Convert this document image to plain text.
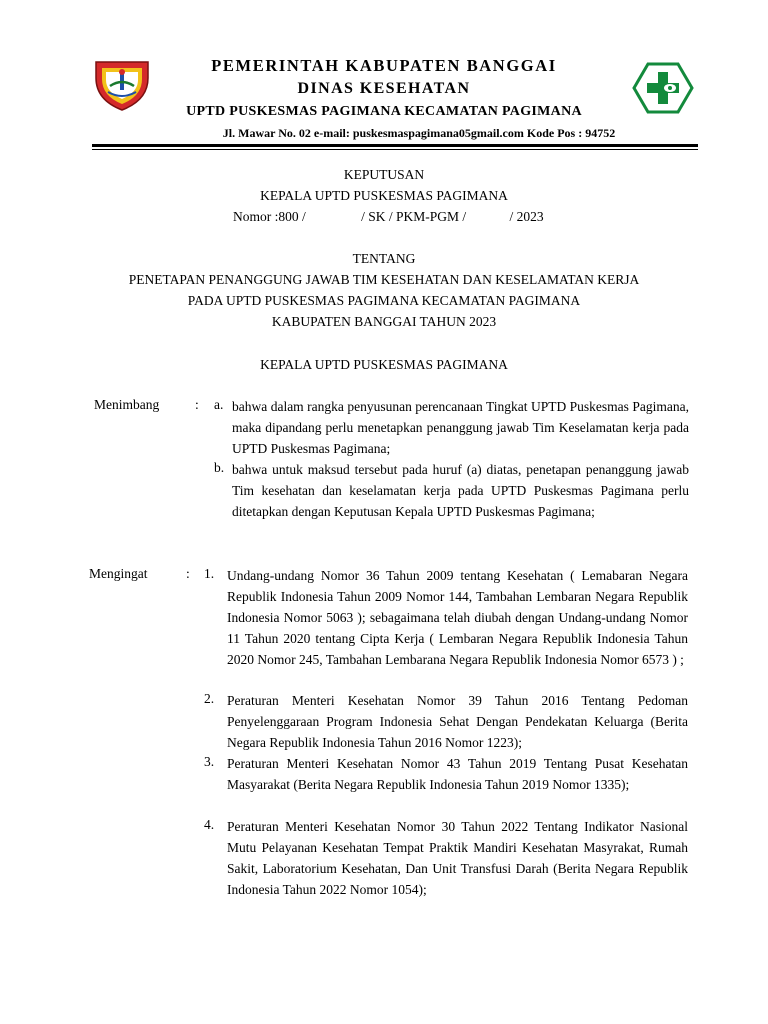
PEMERINTAH KABUPATEN BANGGAI
DINAS KESEHATAN
UPTD PUSKESMAS PAGIMANA KECAMATAN PAGIMANA
Jl. Mawar No. 02 e-mail: puskesmaspagimana05gmail.com Kode Pos : 94752
KEPUTUSAN
KEPALA UPTD PUSKESMAS PAGIMANA
Nomor :800 /	/ SK / PKM-PGM /	/ 2023
TENTANG
PENETAPAN PENANGGUNG JAWAB TIM KESEHATAN DAN KESELAMATAN KERJA
PADA UPTD PUSKESMAS PAGIMANA KECAMATAN PAGIMANA
KABUPATEN BANGGAI TAHUN 2023
KEPALA UPTD PUSKESMAS PAGIMANA
Menimbang	: a. bahwa dalam rangka penyusunan perencanaan Tingkat UPTD Puskesmas Pagimana, maka dipandang perlu menetapkan penanggung jawab Tim Keselamatan kerja pada UPTD Puskesmas Pagimana;
b. bahwa untuk maksud tersebut pada huruf (a) diatas, penetapan penanggung jawab Tim kesehatan dan keselamatan kerja pada UPTD Puskesmas Pagimana perlu ditetapkan dengan Keputusan Kepala UPTD Puskesmas Pagimana;
Mengingat	: 1. Undang-undang Nomor 36 Tahun 2009 tentang Kesehatan ( Lemabaran Negara Republik Indonesia Tahun 2009 Nomor 144, Tambahan Lembaran Negara Republik Indonesia Nomor 5063 ); sebagaimana telah diubah dengan Undang-undang Nomor 11 Tahun 2020 tentang Cipta Kerja ( Lembaran Negara Republik Indonesia Tahun 2020 Nomor 245, Tambahan Lembarana Negara Republik Indonesia Nomor 6573 ) ;
2. Peraturan Menteri Kesehatan Nomor 39 Tahun 2016 Tentang Pedoman Penyelenggaraan Program Indonesia Sehat Dengan Pendekatan Keluarga (Berita Negara Republik Indonesia Tahun 2016 Nomor 1223);
3. Peraturan Menteri Kesehatan Nomor 43 Tahun 2019 Tentang Pusat Kesehatan Masyarakat (Berita Negara Republik Indonesia Tahun 2019 Nomor 1335);
4. Peraturan Menteri Kesehatan Nomor 30 Tahun 2022 Tentang Indikator Nasional Mutu Pelayanan Kesehatan Tempat Praktik Mandiri Kesehatan Masyrakat, Rumah Sakit, Laboratorium Kesehatan, Dan Unit Transfusi Darah (Berita Negara Republik Indonesia Tahun 2022 Nomor 1054);
